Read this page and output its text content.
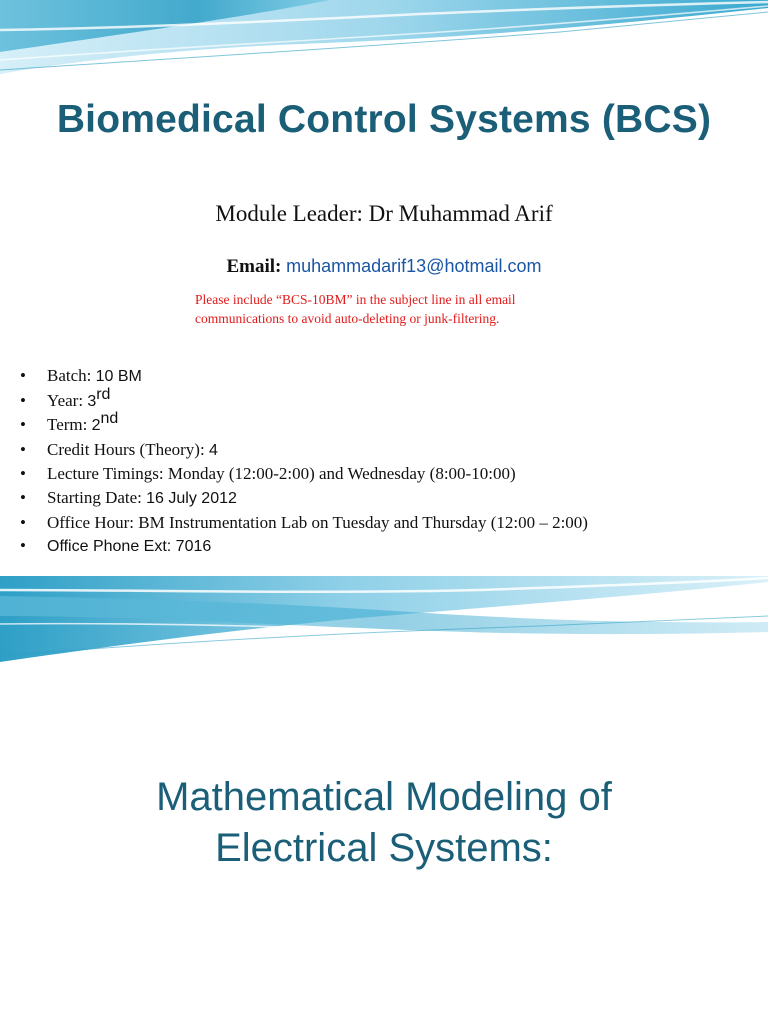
Biomedical Control Systems (BCS)
Module Leader: Dr Muhammad Arif
Email: muhammadarif13@hotmail.com
Please include “BCS-10BM” in the subject line in all email
communications to avoid auto-deleting or junk-filtering.
• Batch: 10 BM
• Year: 3rd
• Term: 2nd
• Credit Hours (Theory): 4
• Lecture Timings: Monday (12:00-2:00) and Wednesday (8:00-10:00)
• Starting Date: 16 July 2012
• Office Hour: BM Instrumentation Lab on Tuesday and Thursday (12:00 – 2:00)
• Office Phone Ext: 7016
Mathematical Modeling of
Electrical Systems:
